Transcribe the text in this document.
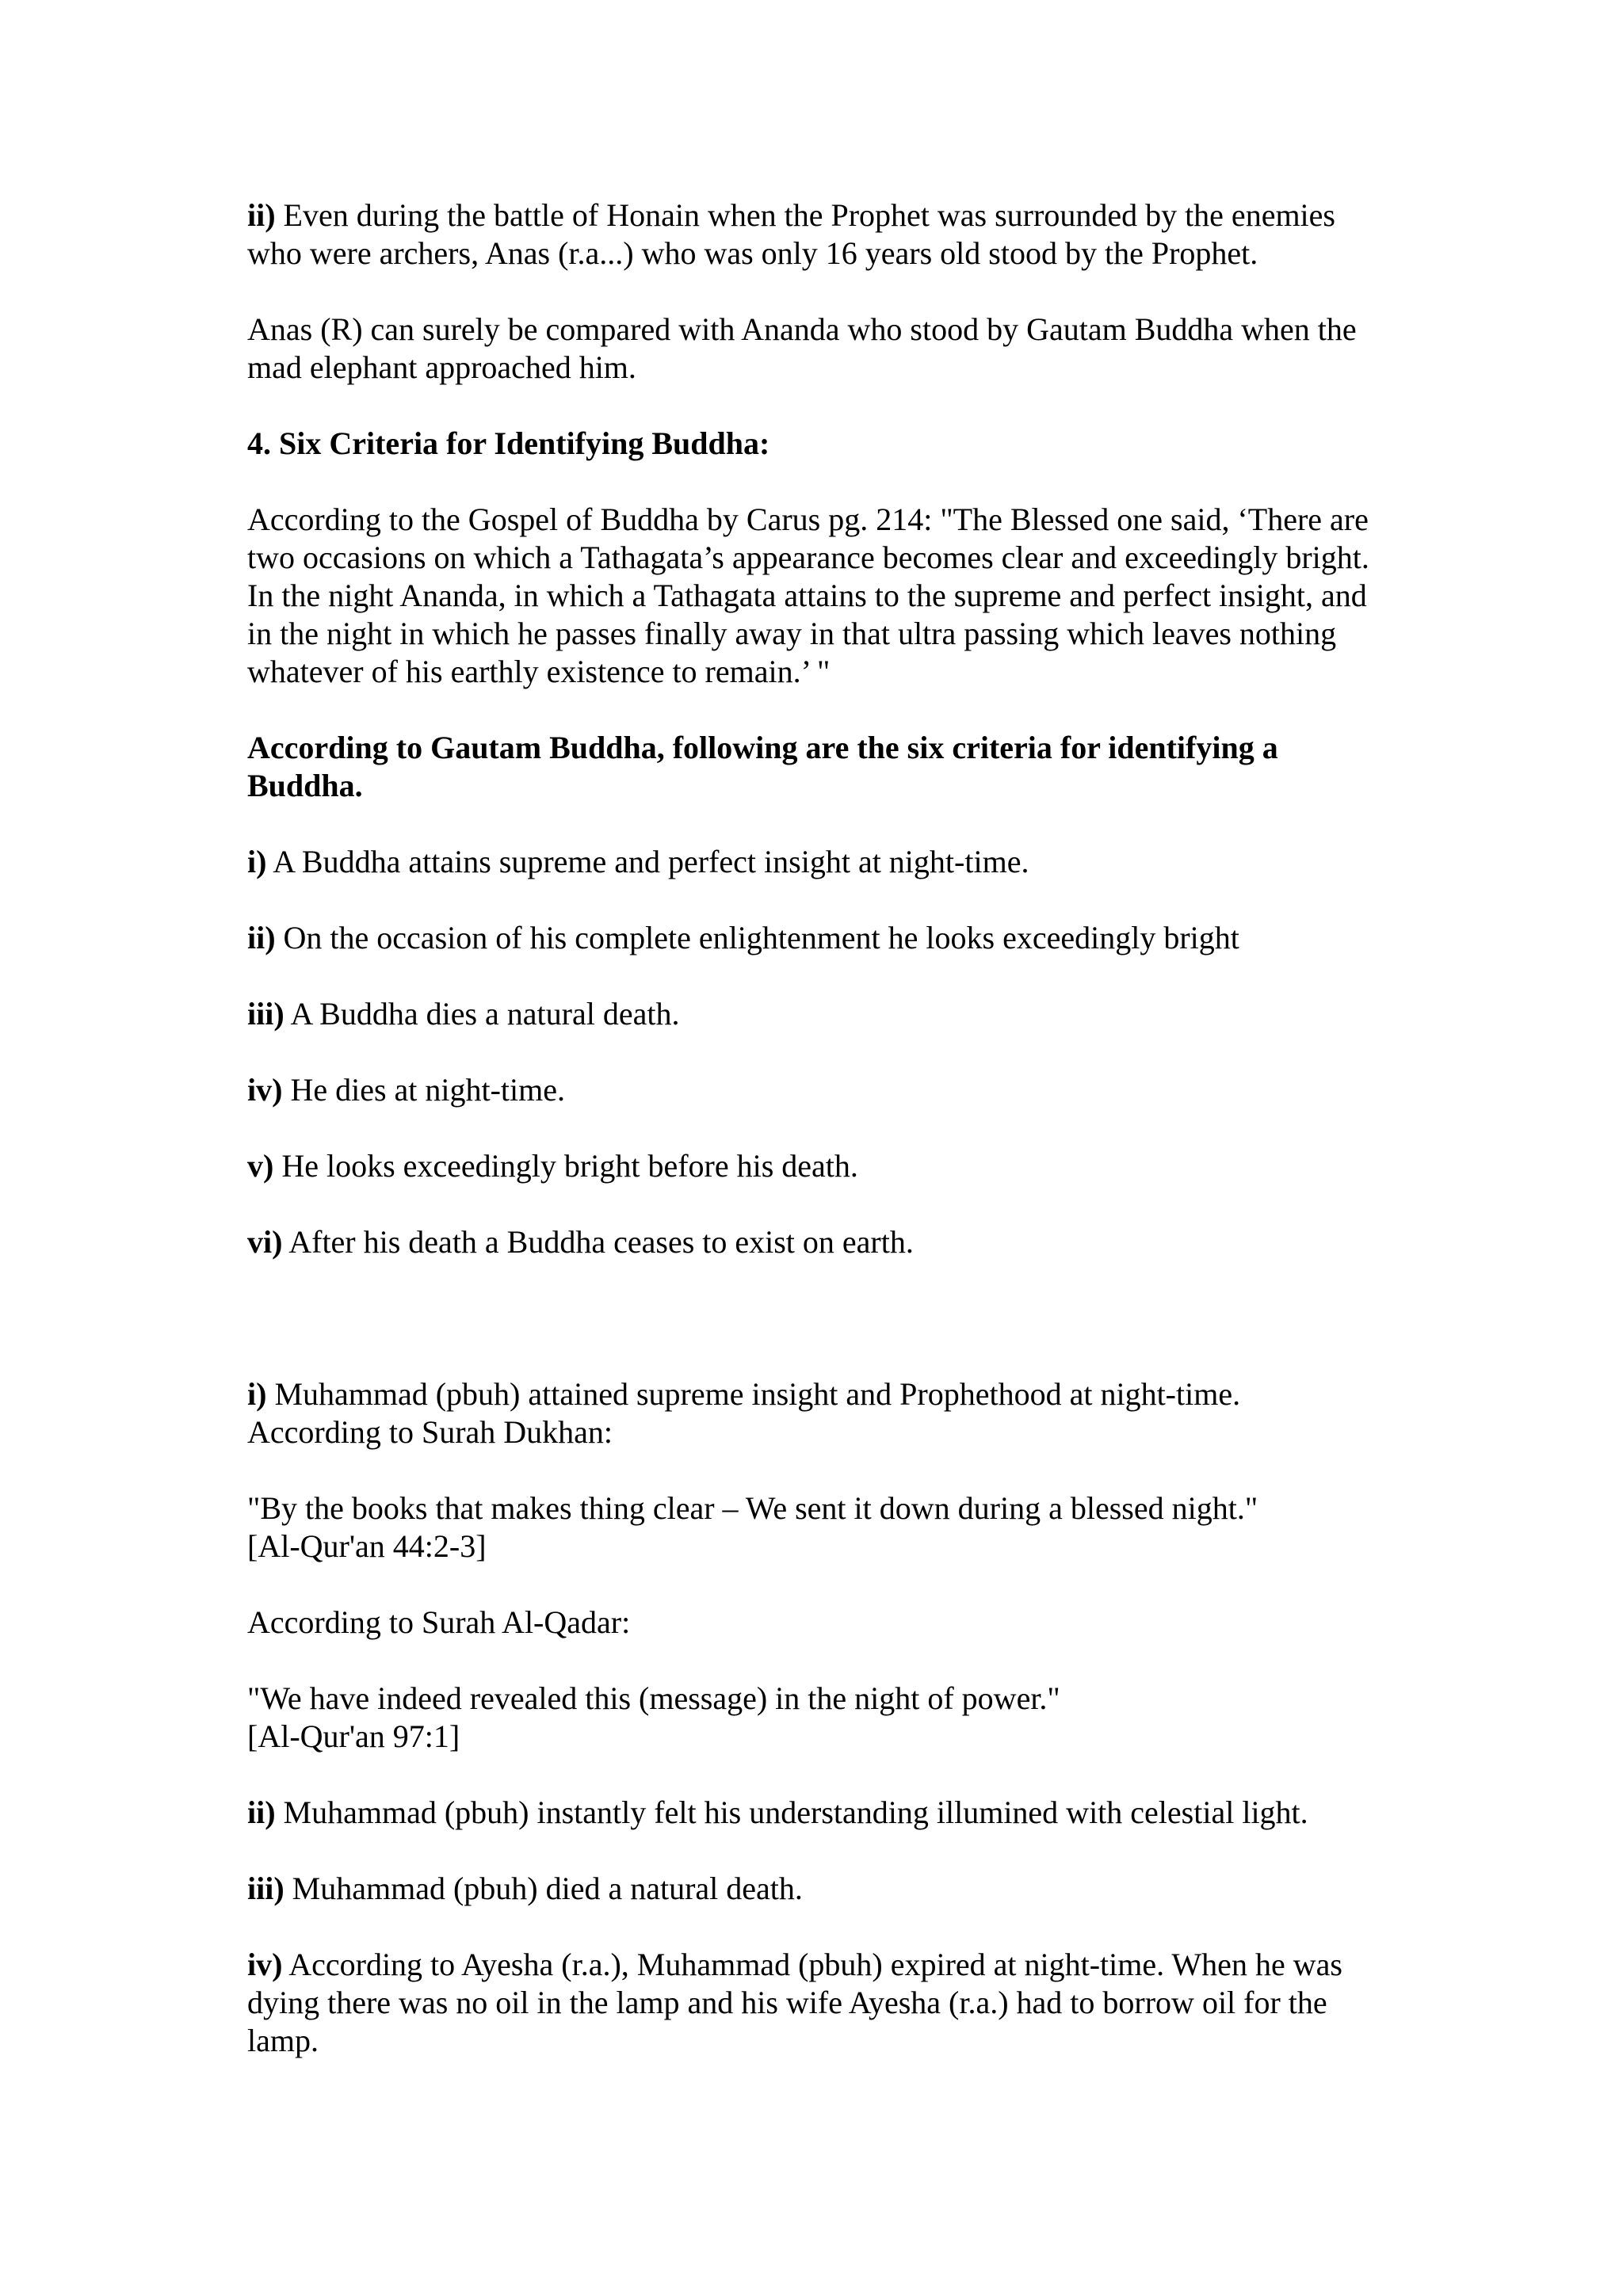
ii) Even during the battle of Honain when the Prophet was surrounded by the enemies who were archers, Anas (r.a...) who was only 16 years old stood by the Prophet.

Anas (R) can surely be compared with Ananda who stood by Gautam Buddha when the mad elephant approached him.

4. Six Criteria for Identifying Buddha:

According to the Gospel of Buddha by Carus pg. 214: "The Blessed one said, ‘There are two occasions on which a Tathagata’s appearance becomes clear and exceedingly bright. In the night Ananda, in which a Tathagata attains to the supreme and perfect insight, and in the night in which he passes finally away in that ultra passing which leaves nothing whatever of his earthly existence to remain.’ "

According to Gautam Buddha, following are the six criteria for identifying a Buddha.

i) A Buddha attains supreme and perfect insight at night-time.

ii) On the occasion of his complete enlightenment he looks exceedingly bright

iii) A Buddha dies a natural death.

iv) He dies at night-time.

v) He looks exceedingly bright before his death.

vi) After his death a Buddha ceases to exist on earth.

i) Muhammad (pbuh) attained supreme insight and Prophethood at night-time.
According to Surah Dukhan:

"By the books that makes thing clear – We sent it down during a blessed night."
[Al-Qur'an 44:2-3]

According to Surah Al-Qadar:

"We have indeed revealed this (message) in the night of power."
[Al-Qur'an 97:1]

ii) Muhammad (pbuh) instantly felt his understanding illumined with celestial light.

iii) Muhammad (pbuh) died a natural death.

iv) According to Ayesha (r.a.), Muhammad (pbuh) expired at night-time. When he was dying there was no oil in the lamp and his wife Ayesha (r.a.) had to borrow oil for the lamp.
